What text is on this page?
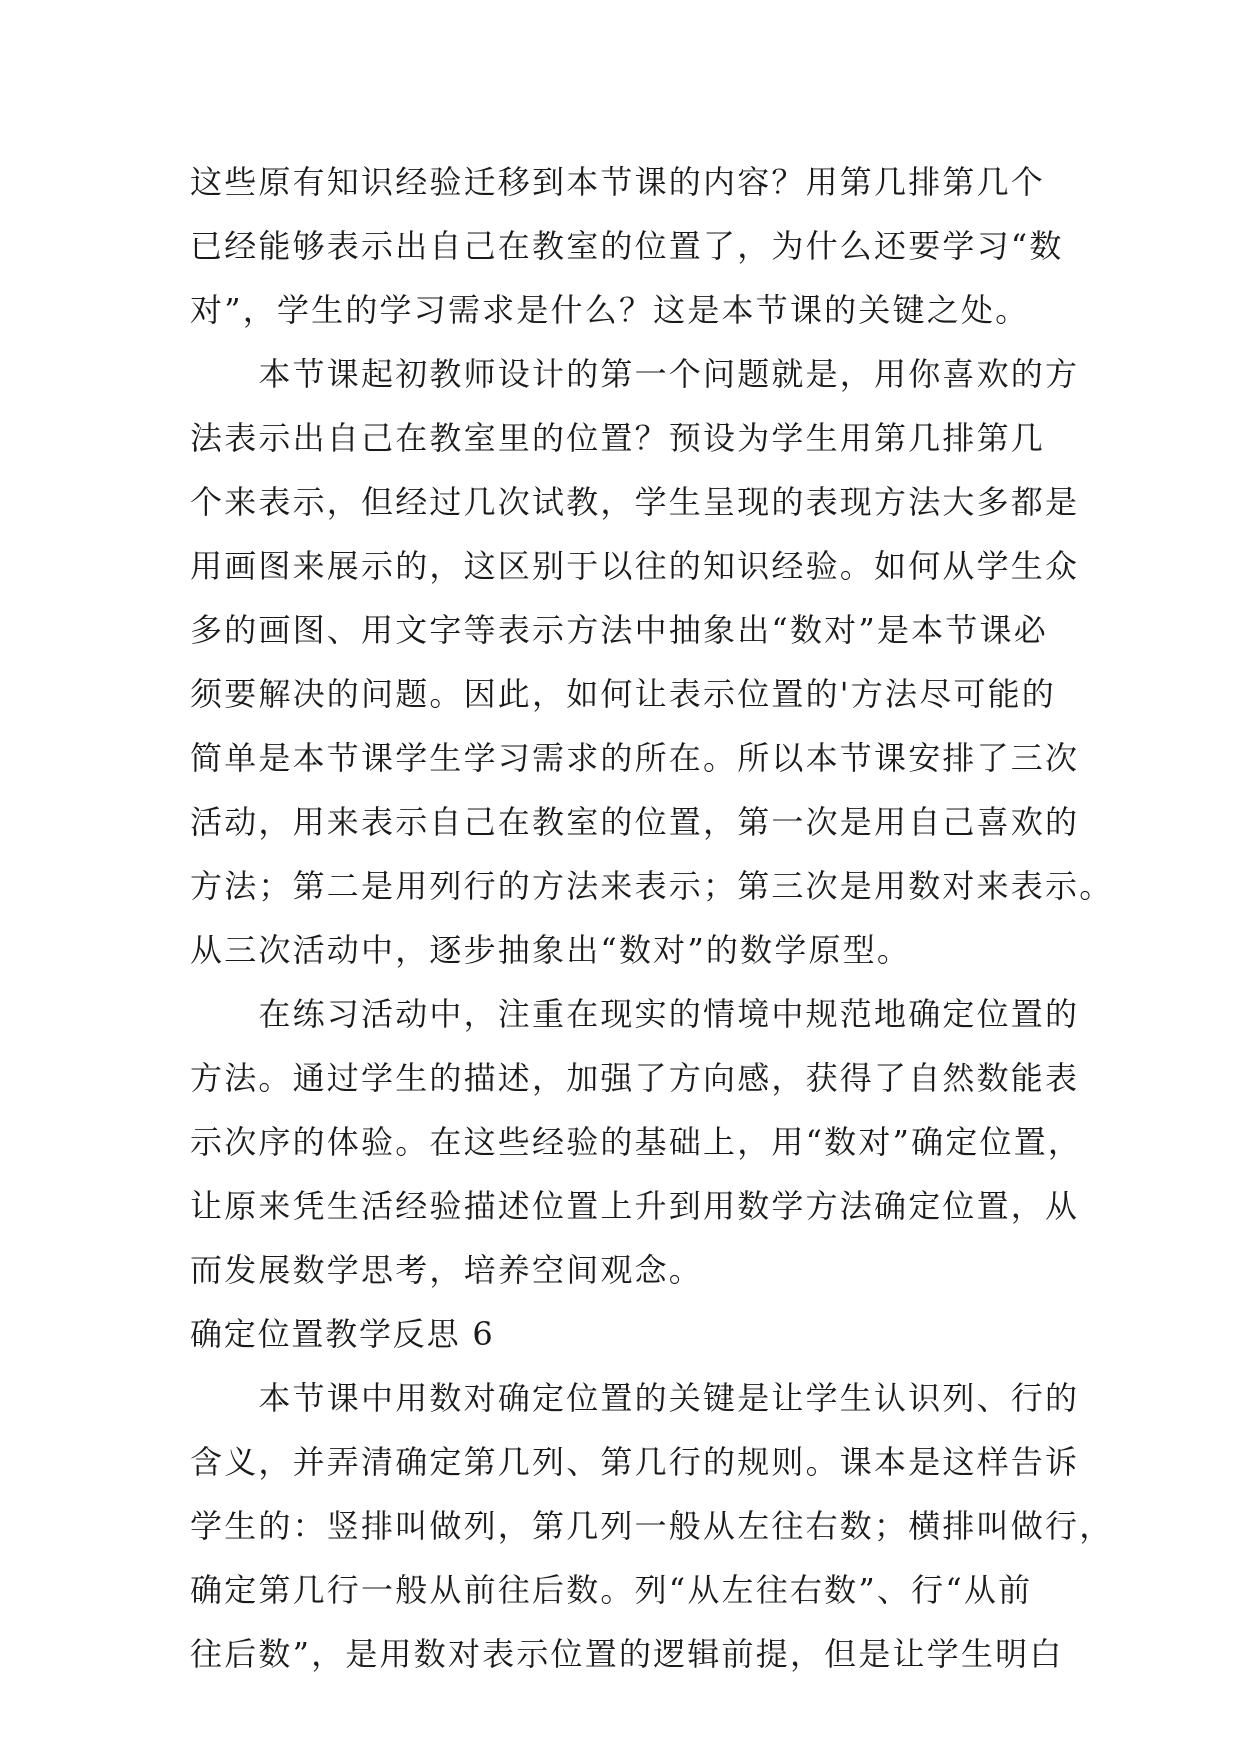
这些原有知识经验迁移到本节课的内容？用第几排第几个
已经能够表示出自己在教室的位置了，为什么还要学习“数
对”，学生的学习需求是什么？这是本节课的关键之处。
　　本节课起初教师设计的第一个问题就是，用你喜欢的方
法表示出自己在教室里的位置？预设为学生用第几排第几
个来表示，但经过几次试教，学生呈现的表现方法大多都是
用画图来展示的，这区别于以往的知识经验。如何从学生众
多的画图、用文字等表示方法中抽象出“数对”是本节课必
须要解决的问题。因此，如何让表示位置的'方法尽可能的
简单是本节课学生学习需求的所在。所以本节课安排了三次
活动，用来表示自己在教室的位置，第一次是用自己喜欢的
方法；第二是用列行的方法来表示；第三次是用数对来表示。
从三次活动中，逐步抽象出“数对”的数学原型。
　　在练习活动中，注重在现实的情境中规范地确定位置的
方法。通过学生的描述，加强了方向感，获得了自然数能表
示次序的体验。在这些经验的基础上，用“数对”确定位置，
让原来凭生活经验描述位置上升到用数学方法确定位置，从
而发展数学思考，培养空间观念。
确定位置教学反思 6
　　本节课中用数对确定位置的关键是让学生认识列、行的
含义，并弄清确定第几列、第几行的规则。课本是这样告诉
学生的：竖排叫做列，第几列一般从左往右数；横排叫做行，
确定第几行一般从前往后数。列“从左往右数”、行“从前
往后数”，是用数对表示位置的逻辑前提，但是让学生明白
